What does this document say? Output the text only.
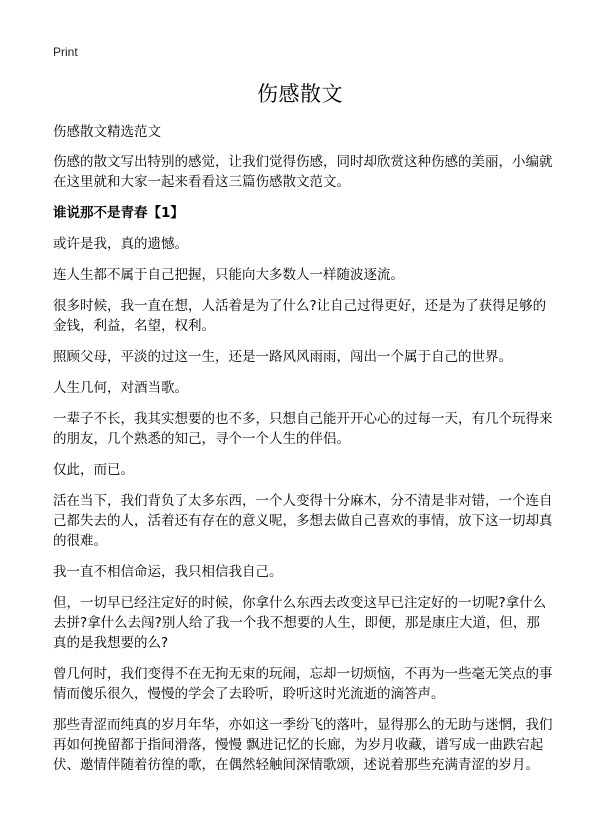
Print
伤感散文

伤感散文精选范文

伤感的散文写出特别的感觉，让我们觉得伤感，同时却欣赏这种伤感的美丽，小编就在这里就和大家一起来看看这三篇伤感散文范文。

谁说那不是青春【1】

或许是我，真的遗憾。

连人生都不属于自己把握，只能向大多数人一样随波逐流。

很多时候，我一直在想，人活着是为了什么?让自己过得更好，还是为了获得足够的金钱，利益，名望，权利。

照顾父母，平淡的过这一生，还是一路风风雨雨，闯出一个属于自己的世界。

人生几何，对酒当歌。

一辈子不长，我其实想要的也不多，只想自己能开开心心的过每一天，有几个玩得来的朋友，几个熟悉的知己，寻个一个人生的伴侣。

仅此，而已。

活在当下，我们背负了太多东西，一个人变得十分麻木，分不清是非对错，一个连自己都失去的人，活着还有存在的意义呢，多想去做自己喜欢的事情，放下这一切却真的很难。

我一直不相信命运，我只相信我自己。

但，一切早已经注定好的时候，你拿什么东西去改变这早已注定好的一切呢?拿什么去拼?拿什么去闯?别人给了我一个我不想要的人生，即便，那是康庄大道，但，那真的是我想要的么?

曾几何时，我们变得不在无拘无束的玩闹，忘却一切烦恼，不再为一些毫无笑点的事情而傻乐很久，慢慢的学会了去聆听，聆听这时光流逝的滴答声。

那些青涩而纯真的岁月年华，亦如这一季纷飞的落叶，显得那么的无助与迷惘，我们再如何挽留都于指间滑落，慢慢 飘进记忆的长廊，为岁月收藏，谱写成一曲跌宕起伏、邀情伴随着彷徨的歌，在偶然轻触间深情歌颂，述说着那些充满青涩的岁月。
